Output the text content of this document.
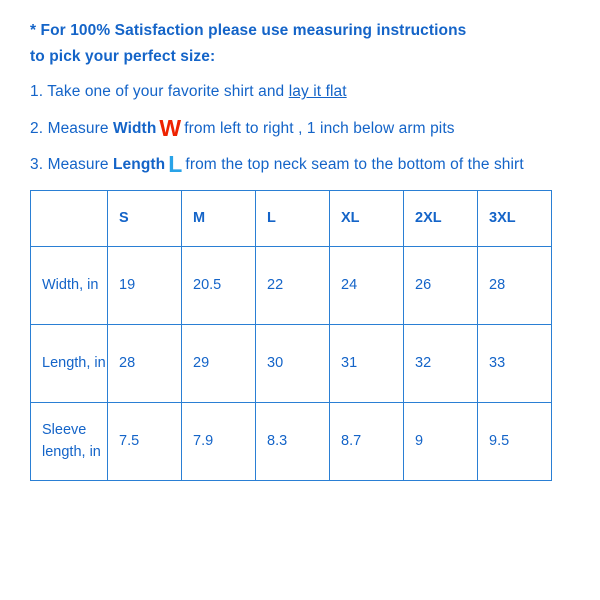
* For 100% Satisfaction please use measuring instructions
to pick your perfect size:
1. Take one of your favorite shirt and lay it flat
2. Measure Width W from left to right , 1 inch below arm pits
3. Measure Length L from the top neck seam to the bottom of the shirt
	S	M	L	XL	2XL	3XL
Width, in	19	20.5	22	24	26	28
Length, in	28	29	30	31	32	33
Sleeve length, in	7.5	7.9	8.3	8.7	9	9.5
